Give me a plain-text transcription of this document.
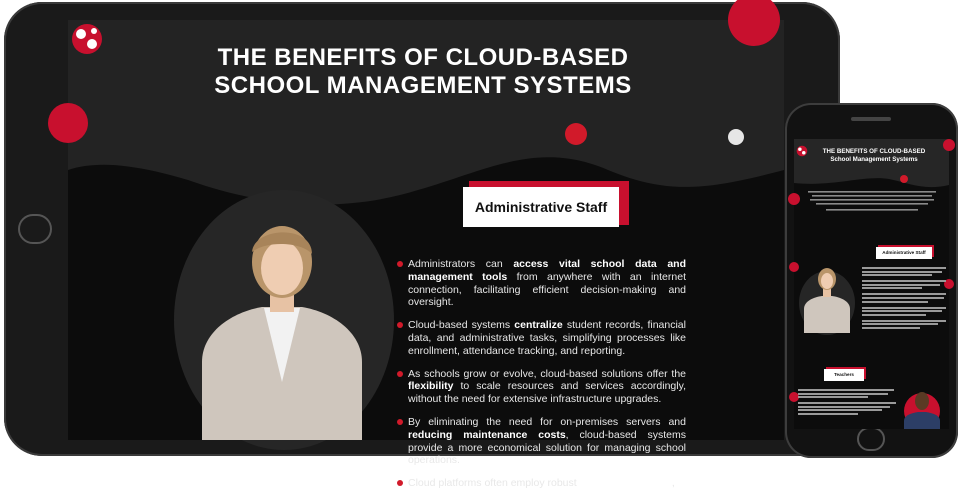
THE BENEFITS OF CLOUD-BASED
SCHOOL MANAGEMENT SYSTEMS
Administrative Staff
Administrators can access vital school data and management tools from anywhere with an internet connection, facilitating efficient decision-making and oversight.
Cloud-based systems centralize student records, financial data, and administrative tasks, simplifying processes like enrollment, attendance tracking, and reporting.
As schools grow or evolve, cloud-based solutions offer the flexibility to scale resources and services accordingly, without the need for extensive infrastructure upgrades.
By eliminating the need for on-premises servers and reducing maintenance costs, cloud-based systems provide a more economical solution for managing school operations.
Cloud platforms often employ robust security measures,
THE BENEFITS OF CLOUD-BASED
School Management Systems
Administrative Staff
Teachers
